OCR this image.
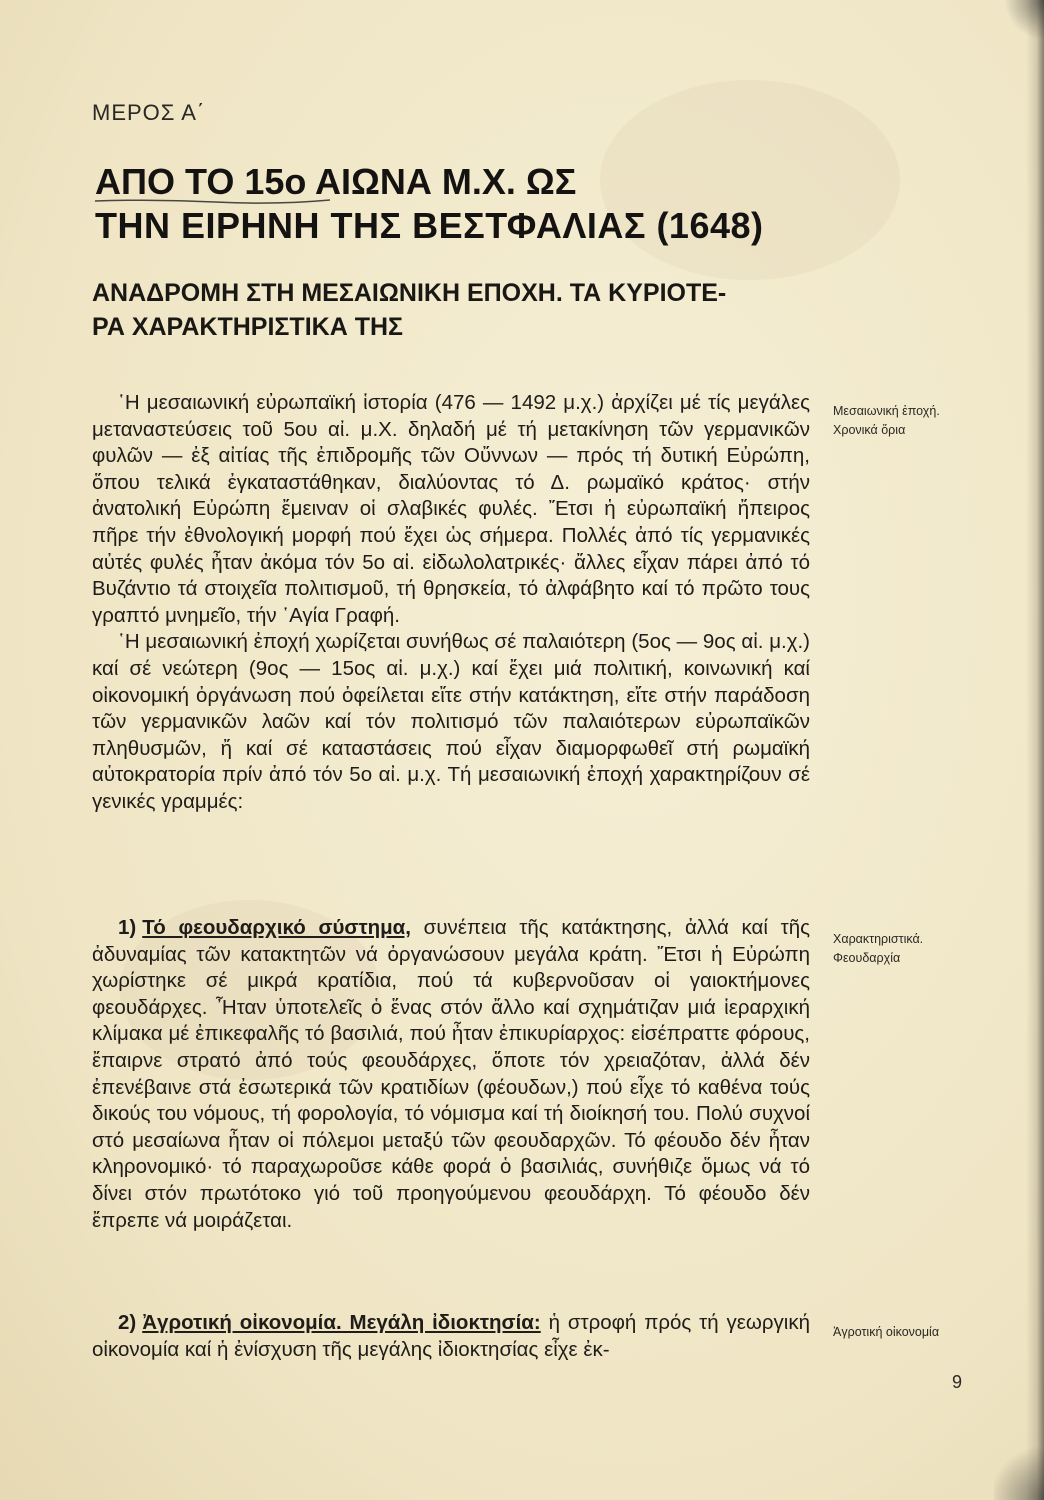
ΜΕΡΟΣ Α΄
ΑΠΟ ΤΟ 15ο ΑΙΩΝΑ Μ.Χ. ΩΣ
ΤΗΝ ΕΙΡΗΝΗ ΤΗΣ ΒΕΣΤΦΑΛΙΑΣ (1648)
ΑΝΑΔΡΟΜΗ ΣΤΗ ΜΕΣΑΙΩΝΙΚΗ ΕΠΟΧΗ. ΤΑ ΚΥΡΙΟΤΕ-
ΡΑ ΧΑΡΑΚΤΗΡΙΣΤΙΚΑ ΤΗΣ

῾Η μεσαιωνική εὐρωπαϊκή ἱστορία (476 — 1492 μ.χ.) ἀρχίζει μέ τίς μεγάλες μεταναστεύσεις τοῦ 5ου αἰ. μ.Χ. δηλαδή μέ τή μετακίνηση τῶν γερμανικῶν φυλῶν — ἐξ αἰτίας τῆς ἐπιδρομῆς τῶν Οὔννων — πρός τή δυτική Εὐρώπη, ὅπου τελικά ἐγκαταστάθηκαν, διαλύοντας τό Δ. ρωμαϊκό κράτος· στήν ἀνατολική Εὐρώπη ἔμειναν οἱ σλαβικές φυλές. Ἔτσι ἡ εὐρωπαϊκή ἤπειρος πῆρε τήν ἐθνολογική μορφή πού ἔχει ὡς σήμερα. Πολλές ἀπό τίς γερμανικές αὐτές φυλές ἦταν ἀκόμα τόν 5ο αἰ. εἰδωλολατρικές· ἄλλες εἶχαν πάρει ἀπό τό Βυζάντιο τά στοιχεῖα πολιτισμοῦ, τή θρησκεία, τό ἀλφάβητο καί τό πρῶτο τους γραπτό μνημεῖο, τήν ῾Αγία Γραφή.

῾Η μεσαιωνική ἐποχή χωρίζεται συνήθως σέ παλαιότερη (5ος — 9ος αἰ. μ.χ.) καί σέ νεώτερη (9ος — 15ος αἰ. μ.χ.) καί ἔχει μιά πολιτική, κοινωνική καί οἰκονομική ὀργάνωση πού ὀφείλεται εἴτε στήν κατάκτηση, εἴτε στήν παράδοση τῶν γερμανικῶν λαῶν καί τόν πολιτισμό τῶν παλαιότερων εὐρωπαϊκῶν πληθυσμῶν, ἤ καί σέ καταστάσεις πού εἶχαν διαμορφωθεῖ στή ρωμαϊκή αὐτοκρατορία πρίν ἀπό τόν 5ο αἰ. μ.χ. Τή μεσαιωνική ἐποχή χαρακτηρίζουν σέ γενικές γραμμές:

1) Τό φεουδαρχικό σύστημα, συνέπεια τῆς κατάκτησης, ἀλλά καί τῆς ἀδυναμίας τῶν κατακτητῶν νά ὀργανώσουν μεγάλα κράτη. Ἔτσι ἡ Εὐρώπη χωρίστηκε σέ μικρά κρατίδια, πού τά κυβερνοῦσαν οἱ γαιοκτήμονες φεουδάρχες. Ἦταν ὑποτελεῖς ὁ ἕνας στόν ἄλλο καί σχημάτιζαν μιά ἱεραρχική κλίμακα μέ ἐπικεφαλῆς τό βασιλιά, πού ἦταν ἐπικυρίαρχος: εἰσέπραττε φόρους, ἔπαιρνε στρατό ἀπό τούς φεουδάρχες, ὅποτε τόν χρειαζόταν, ἀλλά δέν ἐπενέβαινε στά ἐσωτερικά τῶν κρατιδίων (φέουδων,) πού εἶχε τό καθένα τούς δικούς του νόμους, τή φορολογία, τό νόμισμα καί τή διοίκησή του. Πολύ συχνοί στό μεσαίωνα ἦταν οἱ πόλεμοι μεταξύ τῶν φεουδαρχῶν. Τό φέουδο δέν ἦταν κληρονομικό· τό παραχωροῦσε κάθε φορά ὁ βασιλιάς, συνήθιζε ὅμως νά τό δίνει στόν πρωτότοκο γιό τοῦ προηγούμενου φεουδάρχη. Τό φέουδο δέν ἔπρεπε νά μοιράζεται.

2) Ἀγροτική οἰκονομία. Μεγάλη ἰδιοκτησία: ἡ στροφή πρός τή γεωργική οἰκονομία καί ἡ ἐνίσχυση τῆς μεγάλης ἰδιοκτησίας εἶχε ἐκ-

Μεσαιωνική ἐποχή.
Χρονικά ὅρια
Χαρακτηριστικά.
Φεουδαρχία
Ἀγροτική οἰκονομία
9
